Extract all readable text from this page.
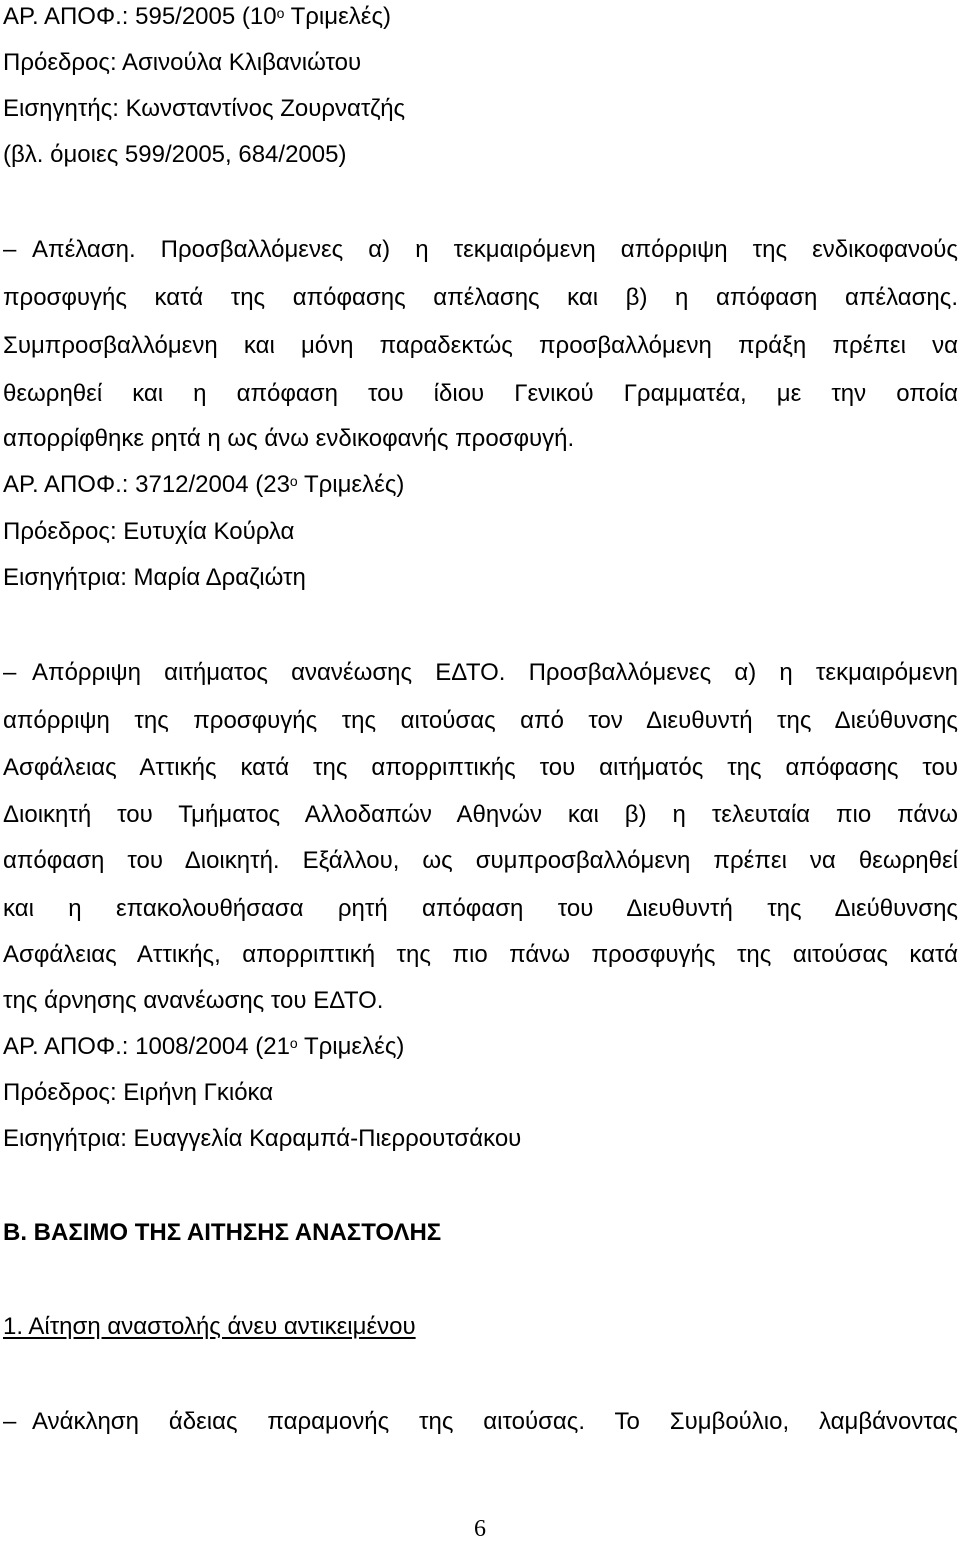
ΑΡ. ΑΠΟΦ.: 595/2005 ($10^o$ Τριμελές)
Πρόεδρος: Ασινούλα Κλιβανιώτου
Εισηγητής: Κωνσταντίνος Ζουρνατζής
(βλ. όμοιες 599/2005, 684/2005)
– Απέλαση. Προσβαλλόμενες α) η τεκμαιρόμενη απόρριψη της ενδικοφανούς
προσφυγής κατά της απόφασης απέλασης και β) η απόφαση απέλασης.
Συμπροσβαλλόμενη και μόνη παραδεκτώς προσβαλλόμενη πράξη πρέπει να
θεωρηθεί και η απόφαση του ίδιου Γενικού Γραμματέα, με την οποία
απορρίφθηκε ρητά η ως άνω ενδικοφανής προσφυγή.
ΑΡ. ΑΠΟΦ.: 3712/2004 ($23^o$ Τριμελές)
Πρόεδρος: Ευτυχία Κούρλα
Εισηγήτρια: Μαρία Δραζιώτη
– Απόρριψη αιτήματος ανανέωσης ΕΔΤΟ. Προσβαλλόμενες α) η τεκμαιρόμενη
απόρριψη της προσφυγής της αιτούσας από τον Διευθυντή της Διεύθυνσης
Ασφάλειας Αττικής κατά της απορριπτικής του αιτήματός της απόφασης του
Διοικητή του Τμήματος Αλλοδαπών Αθηνών και β) η τελευταία πιο πάνω
απόφαση του Διοικητή. Εξάλλου, ως συμπροσβαλλόμενη πρέπει να θεωρηθεί
και η επακολουθήσασα ρητή απόφαση του Διευθυντή της Διεύθυνσης
Ασφάλειας Αττικής, απορριπτική της πιο πάνω προσφυγής της αιτούσας κατά
της άρνησης ανανέωσης του ΕΔΤΟ.
ΑΡ. ΑΠΟΦ.: 1008/2004 ($21^o$ Τριμελές)
Πρόεδρος: Ειρήνη Γκιόκα
Εισηγήτρια: Ευαγγελία Καραμπά-Πιερρουτσάκου
Β. ΒΑΣΙΜΟ ΤΗΣ ΑΙΤΗΣΗΣ ΑΝΑΣΤΟΛΗΣ
1. Αίτηση αναστολής άνευ αντικειμένου
– Ανάκληση άδειας παραμονής της αιτούσας. Το Συμβούλιο, λαμβάνοντας
6
